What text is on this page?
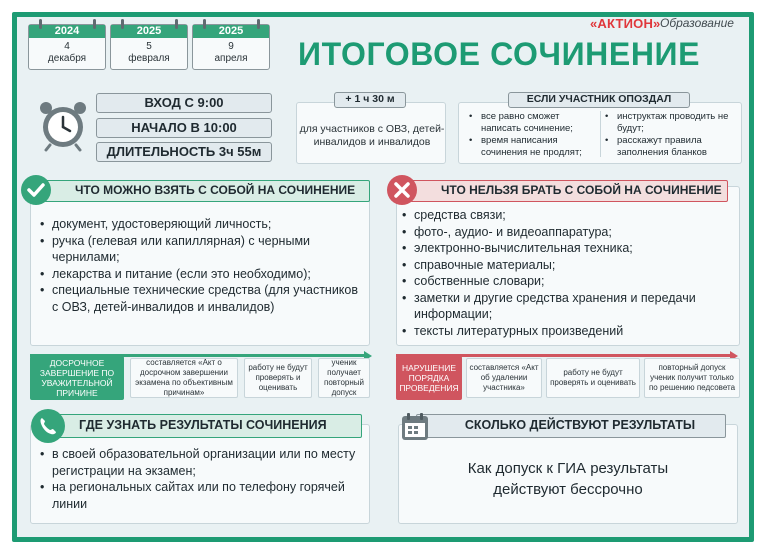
2024
4
декабря
2025
5
февраля
2025
9
апреля
«АКТИОН» Образование
ИТОГОВОЕ СОЧИНЕНИЕ
ВХОД С 9:00
НАЧАЛО В 10:00
ДЛИТЕЛЬНОСТЬ 3ч 55м
для участников с ОВЗ, детей-инвалидов и инвалидов
+ 1 ч 30 м
• все равно сможет написать сочинение;
• время написания сочинения не продлят;
• инструктаж проводить не будут;
• расскажут правила заполнения бланков
ЕСЛИ УЧАСТНИК ОПОЗДАЛ
ЧТО МОЖНО ВЗЯТЬ С СОБОЙ НА СОЧИНЕНИЕ
• документ, удостоверяющий личность;
• ручка (гелевая или капиллярная) с черными чернилами;
• лекарства и питание (если это необходимо);
• специальные технические средства (для участников с ОВЗ, детей-инвалидов и инвалидов)
ЧТО НЕЛЬЗЯ БРАТЬ С СОБОЙ НА СОЧИНЕНИЕ
• средства связи;
• фото-, аудио- и видеоаппаратура;
• электронно-вычислительная техника;
• справочные материалы;
• собственные словари;
• заметки и другие средства хранения и передачи информации;
• тексты литературных произведений
ДОСРОЧНОЕ ЗАВЕРШЕНИЕ ПО УВАЖИТЕЛЬНОЙ ПРИЧИНЕ
составляется «Акт о досрочном завершении экзамена по объективным причинам»
работу не будут проверять и оценивать
ученик получает повторный допуск
НАРУШЕНИЕ ПОРЯДКА ПРОВЕДЕНИЯ
составляется «Акт об удалении участника»
работу не будут проверять и оценивать
повторный допуск ученик получит только по решению педсовета
ГДЕ УЗНАТЬ РЕЗУЛЬТАТЫ СОЧИНЕНИЯ
• в своей образовательной организации или по месту регистрации на экзамен;
• на региональных сайтах или по телефону горячей линии
СКОЛЬКО ДЕЙСТВУЮТ РЕЗУЛЬТАТЫ
Как допуск к ГИА результаты действуют бессрочно
